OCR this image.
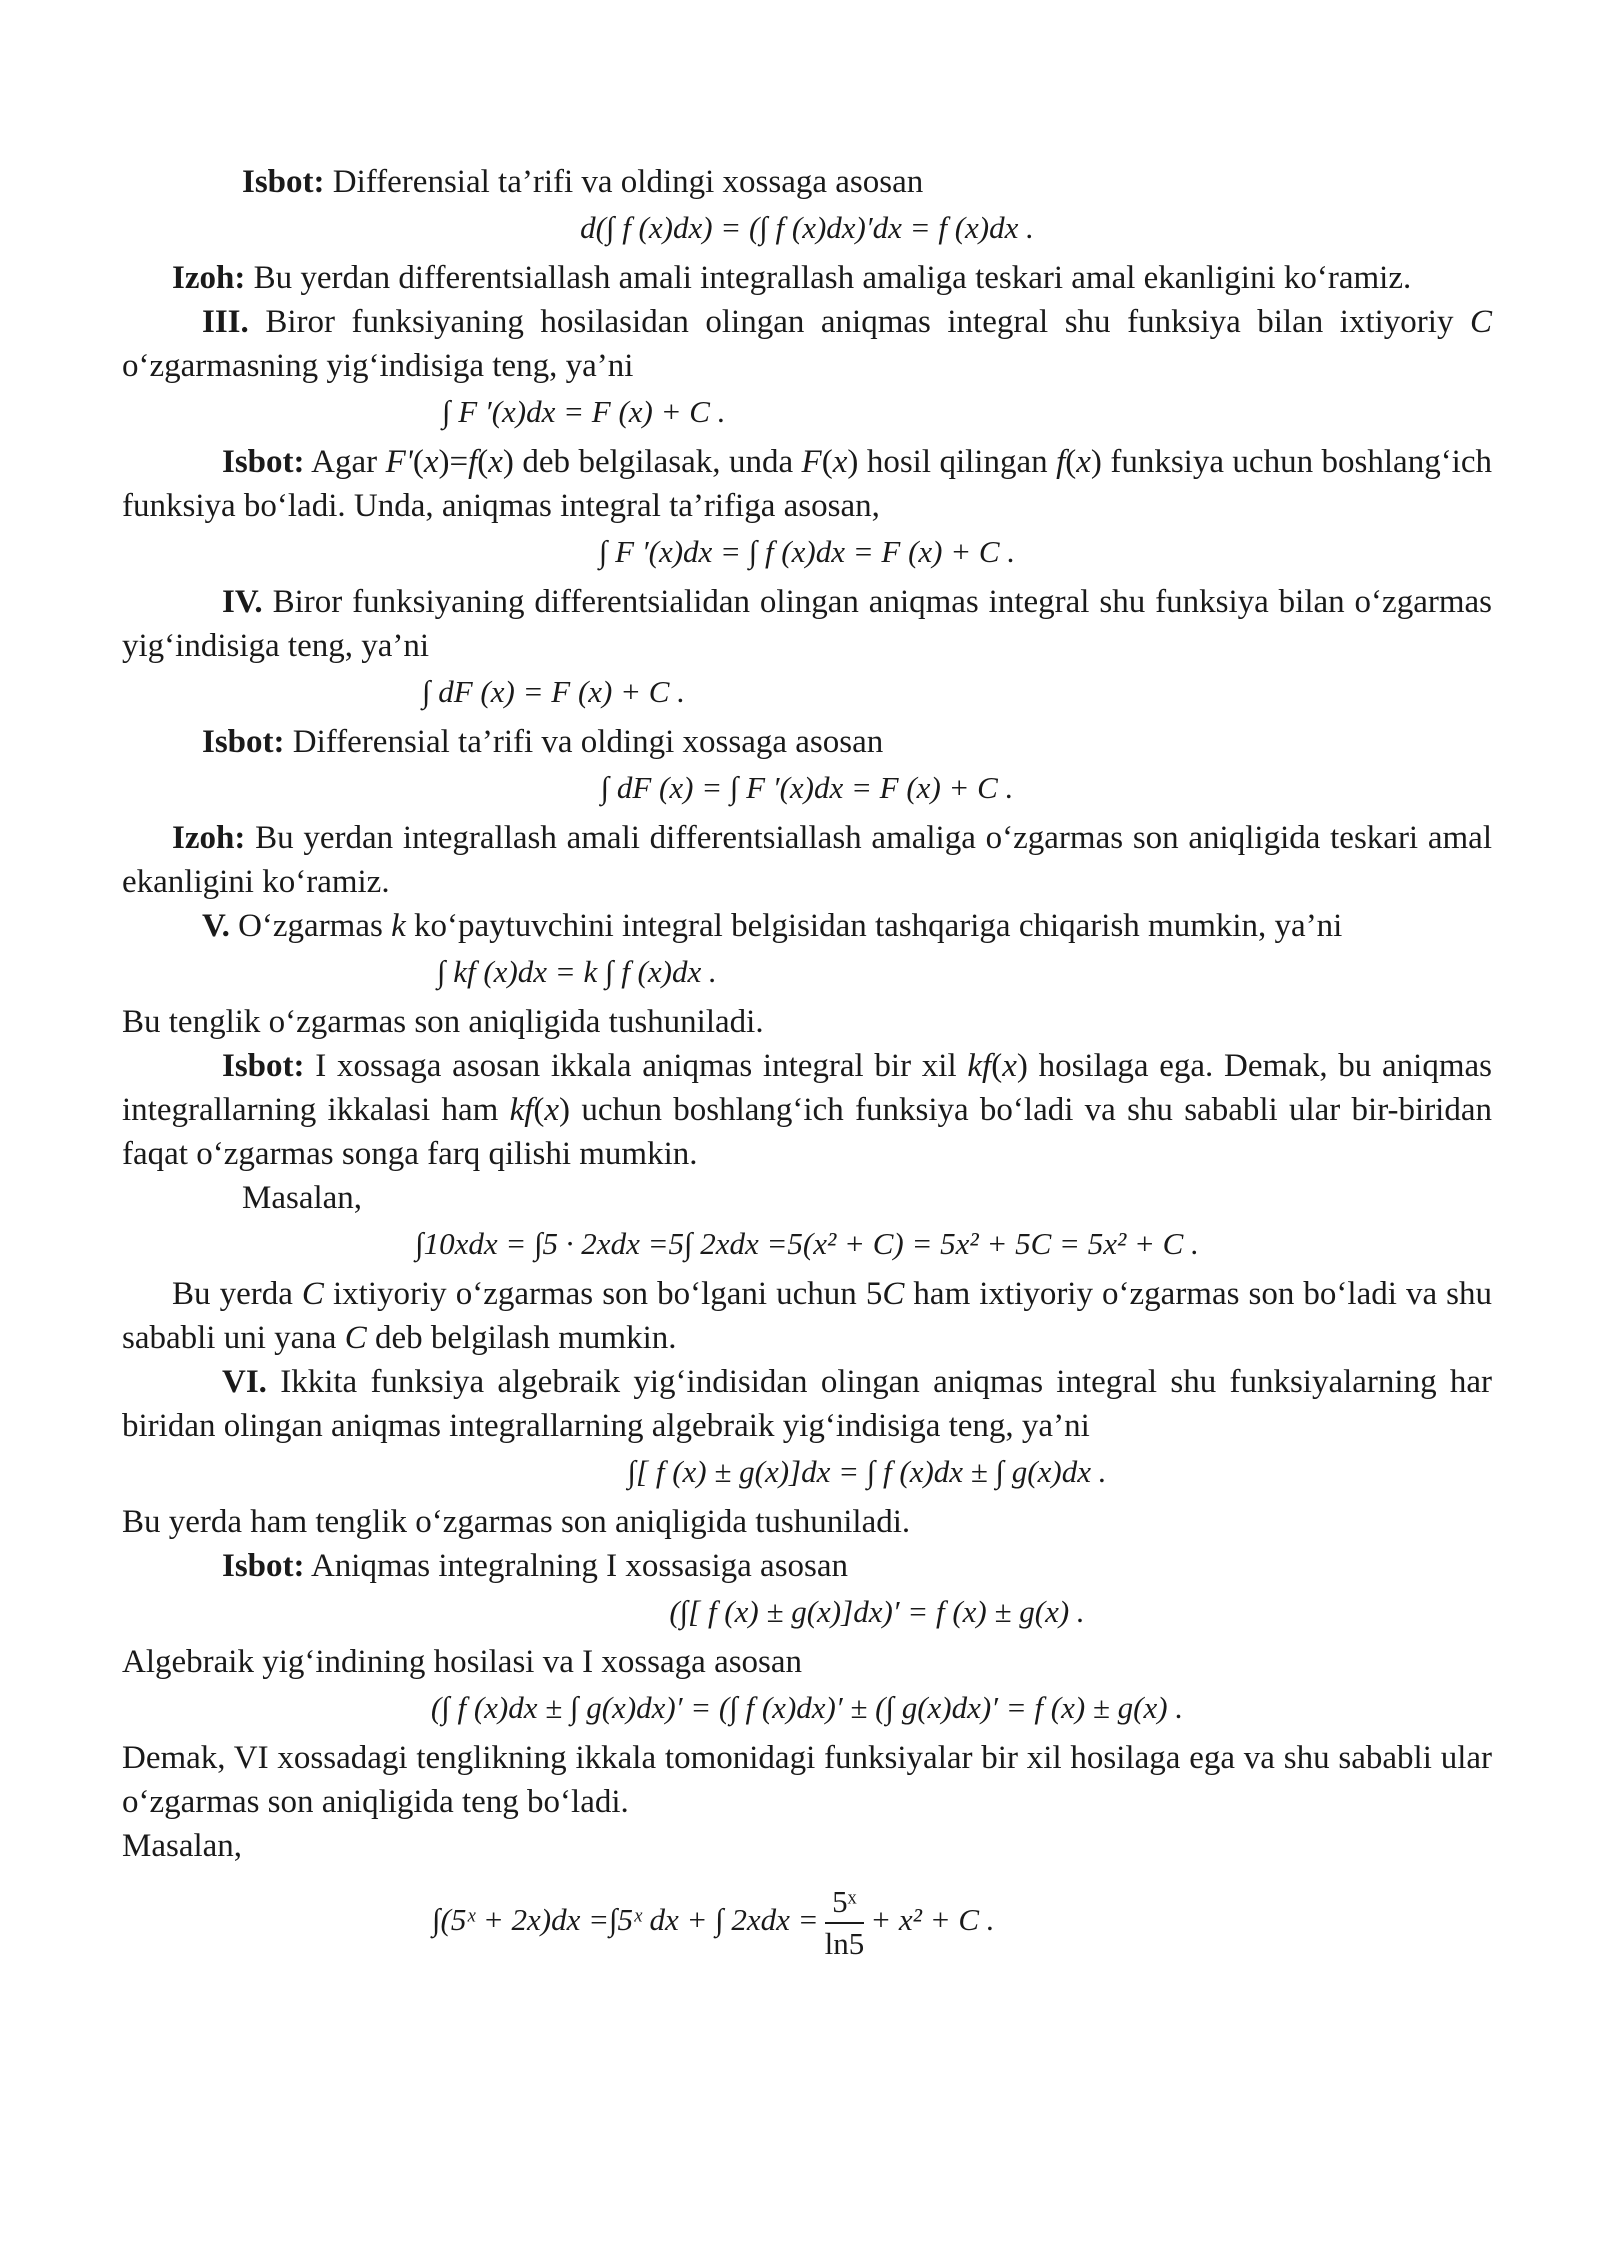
Isbot: Differensial ta’rifi va oldingi xossaga asosan

d(∫ f (x)dx) = (∫ f (x)dx)′dx = f (x)dx .

Izoh: Bu yerdan differentsiallash amali integrallash amaliga teskari amal ekanligini ko‘ramiz.

III. Biror funksiyaning hosilasidan olingan aniqmas integral shu funksiya bilan ixtiyoriy C o‘zgarmasning yig‘indisiga teng, ya’ni

∫ F ′(x)dx = F (x) + C .

Isbot: Agar F'(x)=f(x) deb belgilasak, unda F(x) hosil qilingan f(x) funksiya uchun boshlang‘ich funksiya bo‘ladi. Unda, aniqmas integral ta’rifiga asosan,

∫ F ′(x)dx = ∫ f (x)dx = F (x) + C .

IV. Biror funksiyaning differentsialidan olingan aniqmas integral shu funksiya bilan o‘zgarmas yig‘indisiga teng, ya’ni

∫ dF (x) = F (x) + C .

Isbot: Differensial ta’rifi va oldingi xossaga asosan

∫ dF (x) = ∫ F ′(x)dx = F (x) + C .

Izoh: Bu yerdan integrallash amali differentsiallash amaliga o‘zgarmas son aniqligida teskari amal ekanligini ko‘ramiz.

V. O‘zgarmas k ko‘paytuvchini integral belgisidan tashqariga chiqarish mumkin, ya’ni

∫ kf (x)dx = k ∫ f (x)dx .

Bu tenglik o‘zgarmas son aniqligida tushuniladi.

Isbot: I xossaga asosan ikkala aniqmas integral bir xil kf(x) hosilaga ega. Demak, bu aniqmas integrallarning ikkalasi ham kf(x) uchun boshlang‘ich funksiya bo‘ladi va shu sababli ular bir-biridan faqat o‘zgarmas songa farq qilishi mumkin.

Masalan,

∫10xdx = ∫5 · 2xdx =5∫ 2xdx =5(x² + C) = 5x² + 5C = 5x² + C .

Bu yerda C ixtiyoriy o‘zgarmas son bo‘lgani uchun 5C ham ixtiyoriy o‘zgarmas son bo‘ladi va shu sababli uni yana C deb belgilash mumkin.

VI. Ikkita funksiya algebraik yig‘indisidan olingan aniqmas integral shu funksiyalarning har biridan olingan aniqmas integrallarning algebraik yig‘indisiga teng, ya’ni

∫[ f (x) ± g(x)]dx = ∫ f (x)dx ± ∫ g(x)dx .

Bu yerda ham tenglik o‘zgarmas son aniqligida tushuniladi.

Isbot: Aniqmas integralning I xossasiga asosan

(∫[ f (x) ± g(x)]dx)′ = f (x) ± g(x) .

Algebraik yig‘indining hosilasi va I xossaga asosan

(∫ f (x)dx ± ∫ g(x)dx)′ = (∫ f (x)dx)′ ± (∫ g(x)dx)′ = f (x) ± g(x) .

Demak, VI xossadagi tenglikning ikkala tomonidagi funksiyalar bir xil hosilaga ega va shu sababli ular o‘zgarmas son aniqligida teng bo‘ladi.

Masalan,

∫(5ˣ + 2x)dx =∫5ˣ dx + ∫ $2xdx = \frac{\text{5ˣ}}{\ln 5} + x^2 + C$ .
